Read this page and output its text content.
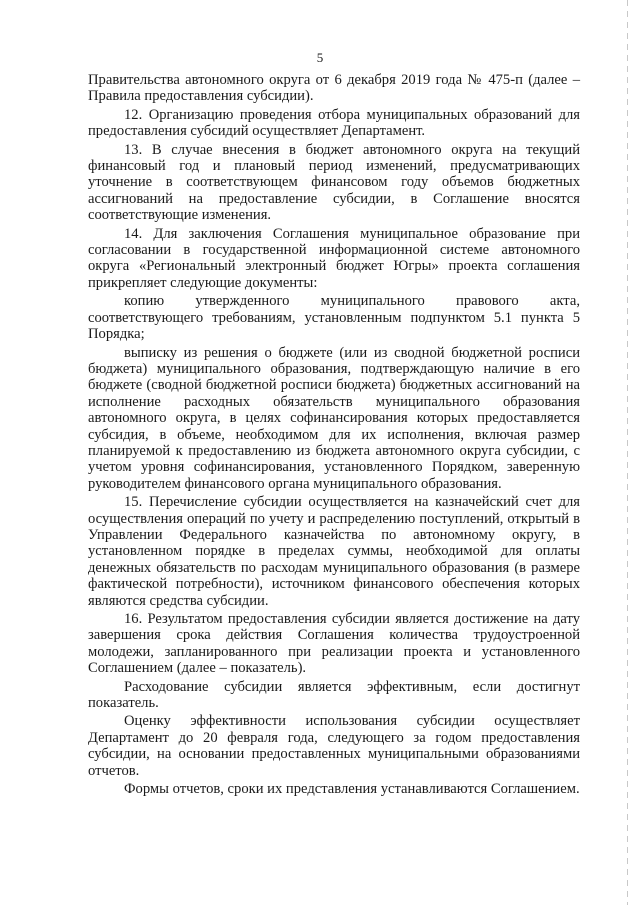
5

Правительства автономного округа от 6 декабря 2019 года № 475-п (далее – Правила предоставления субсидии).

12. Организацию проведения отбора муниципальных образований для предоставления субсидий осуществляет Департамент.

13. В случае внесения в бюджет автономного округа на текущий финансовый год и плановый период изменений, предусматривающих уточнение в соответствующем финансовом году объемов бюджетных ассигнований на предоставление субсидии, в Соглашение вносятся соответствующие изменения.

14. Для заключения Соглашения муниципальное образование при согласовании в государственной информационной системе автономного округа «Региональный электронный бюджет Югры» проекта соглашения прикрепляет следующие документы:

копию утвержденного муниципального правового акта, соответствующего требованиям, установленным подпунктом 5.1 пункта 5 Порядка;

выписку из решения о бюджете (или из сводной бюджетной росписи бюджета) муниципального образования, подтверждающую наличие в его бюджете (сводной бюджетной росписи бюджета) бюджетных ассигнований на исполнение расходных обязательств муниципального образования автономного округа, в целях софинансирования которых предоставляется субсидия, в объеме, необходимом для их исполнения, включая размер планируемой к предоставлению из бюджета автономного округа субсидии, с учетом уровня софинансирования, установленного Порядком, заверенную руководителем финансового органа муниципального образования.

15. Перечисление субсидии осуществляется на казначейский счет для осуществления операций по учету и распределению поступлений, открытый в Управлении Федерального казначейства по автономному округу, в установленном порядке в пределах суммы, необходимой для оплаты денежных обязательств по расходам муниципального образования (в размере фактической потребности), источником финансового обеспечения которых являются средства субсидии.

16. Результатом предоставления субсидии является достижение на дату завершения срока действия Соглашения количества трудоустроенной молодежи, запланированного при реализации проекта и установленного Соглашением (далее – показатель).

Расходование субсидии является эффективным, если достигнут показатель.

Оценку эффективности использования субсидии осуществляет Департамент до 20 февраля года, следующего за годом предоставления субсидии, на основании предоставленных муниципальными образованиями отчетов.

Формы отчетов, сроки их представления устанавливаются Соглашением.
